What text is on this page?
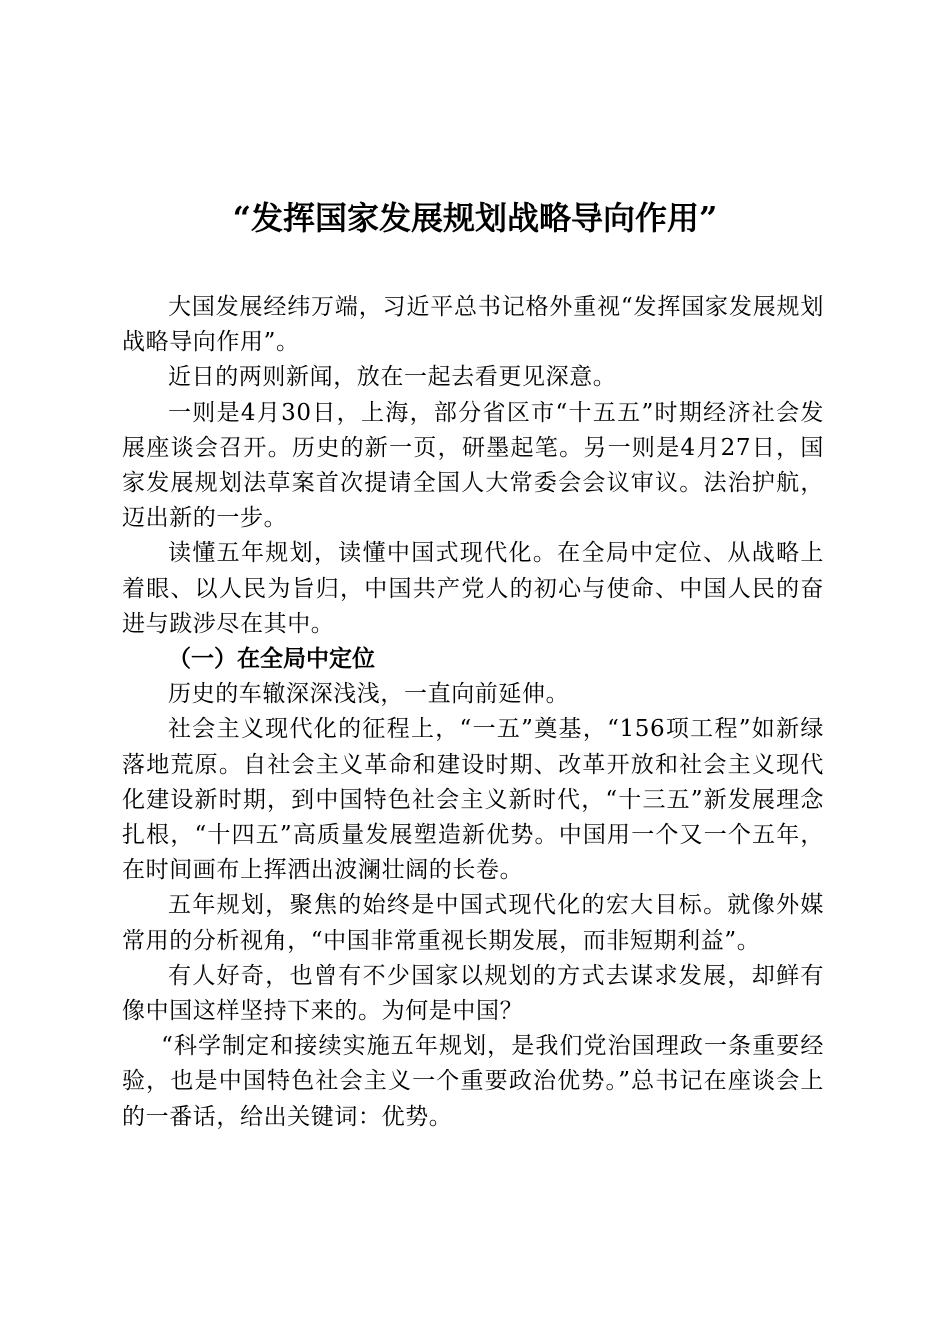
“发挥国家发展规划战略导向作用”

大国发展经纬万端，习近平总书记格外重视“发挥国家发展规划战略导向作用”。

近日的两则新闻，放在一起去看更见深意。

一则是4月30日，上海，部分省区市“十五五”时期经济社会发展座谈会召开。历史的新一页，研墨起笔。另一则是4月27日，国家发展规划法草案首次提请全国人大常委会会议审议。法治护航，迈出新的一步。

读懂五年规划，读懂中国式现代化。在全局中定位、从战略上着眼、以人民为旨归，中国共产党人的初心与使命、中国人民的奋进与跋涉尽在其中。

（一）在全局中定位

历史的车辙深深浅浅，一直向前延伸。

社会主义现代化的征程上，“一五”奠基，“156项工程”如新绿落地荒原。自社会主义革命和建设时期、改革开放和社会主义现代化建设新时期，到中国特色社会主义新时代，“十三五”新发展理念扎根，“十四五”高质量发展塑造新优势。中国用一个又一个五年，在时间画布上挥洒出波澜壮阔的长卷。

五年规划，聚焦的始终是中国式现代化的宏大目标。就像外媒常用的分析视角，“中国非常重视长期发展，而非短期利益”。

有人好奇，也曾有不少国家以规划的方式去谋求发展，却鲜有像中国这样坚持下来的。为何是中国？

“科学制定和接续实施五年规划，是我们党治国理政一条重要经验，也是中国特色社会主义一个重要政治优势。”总书记在座谈会上的一番话，给出关键词：优势。
